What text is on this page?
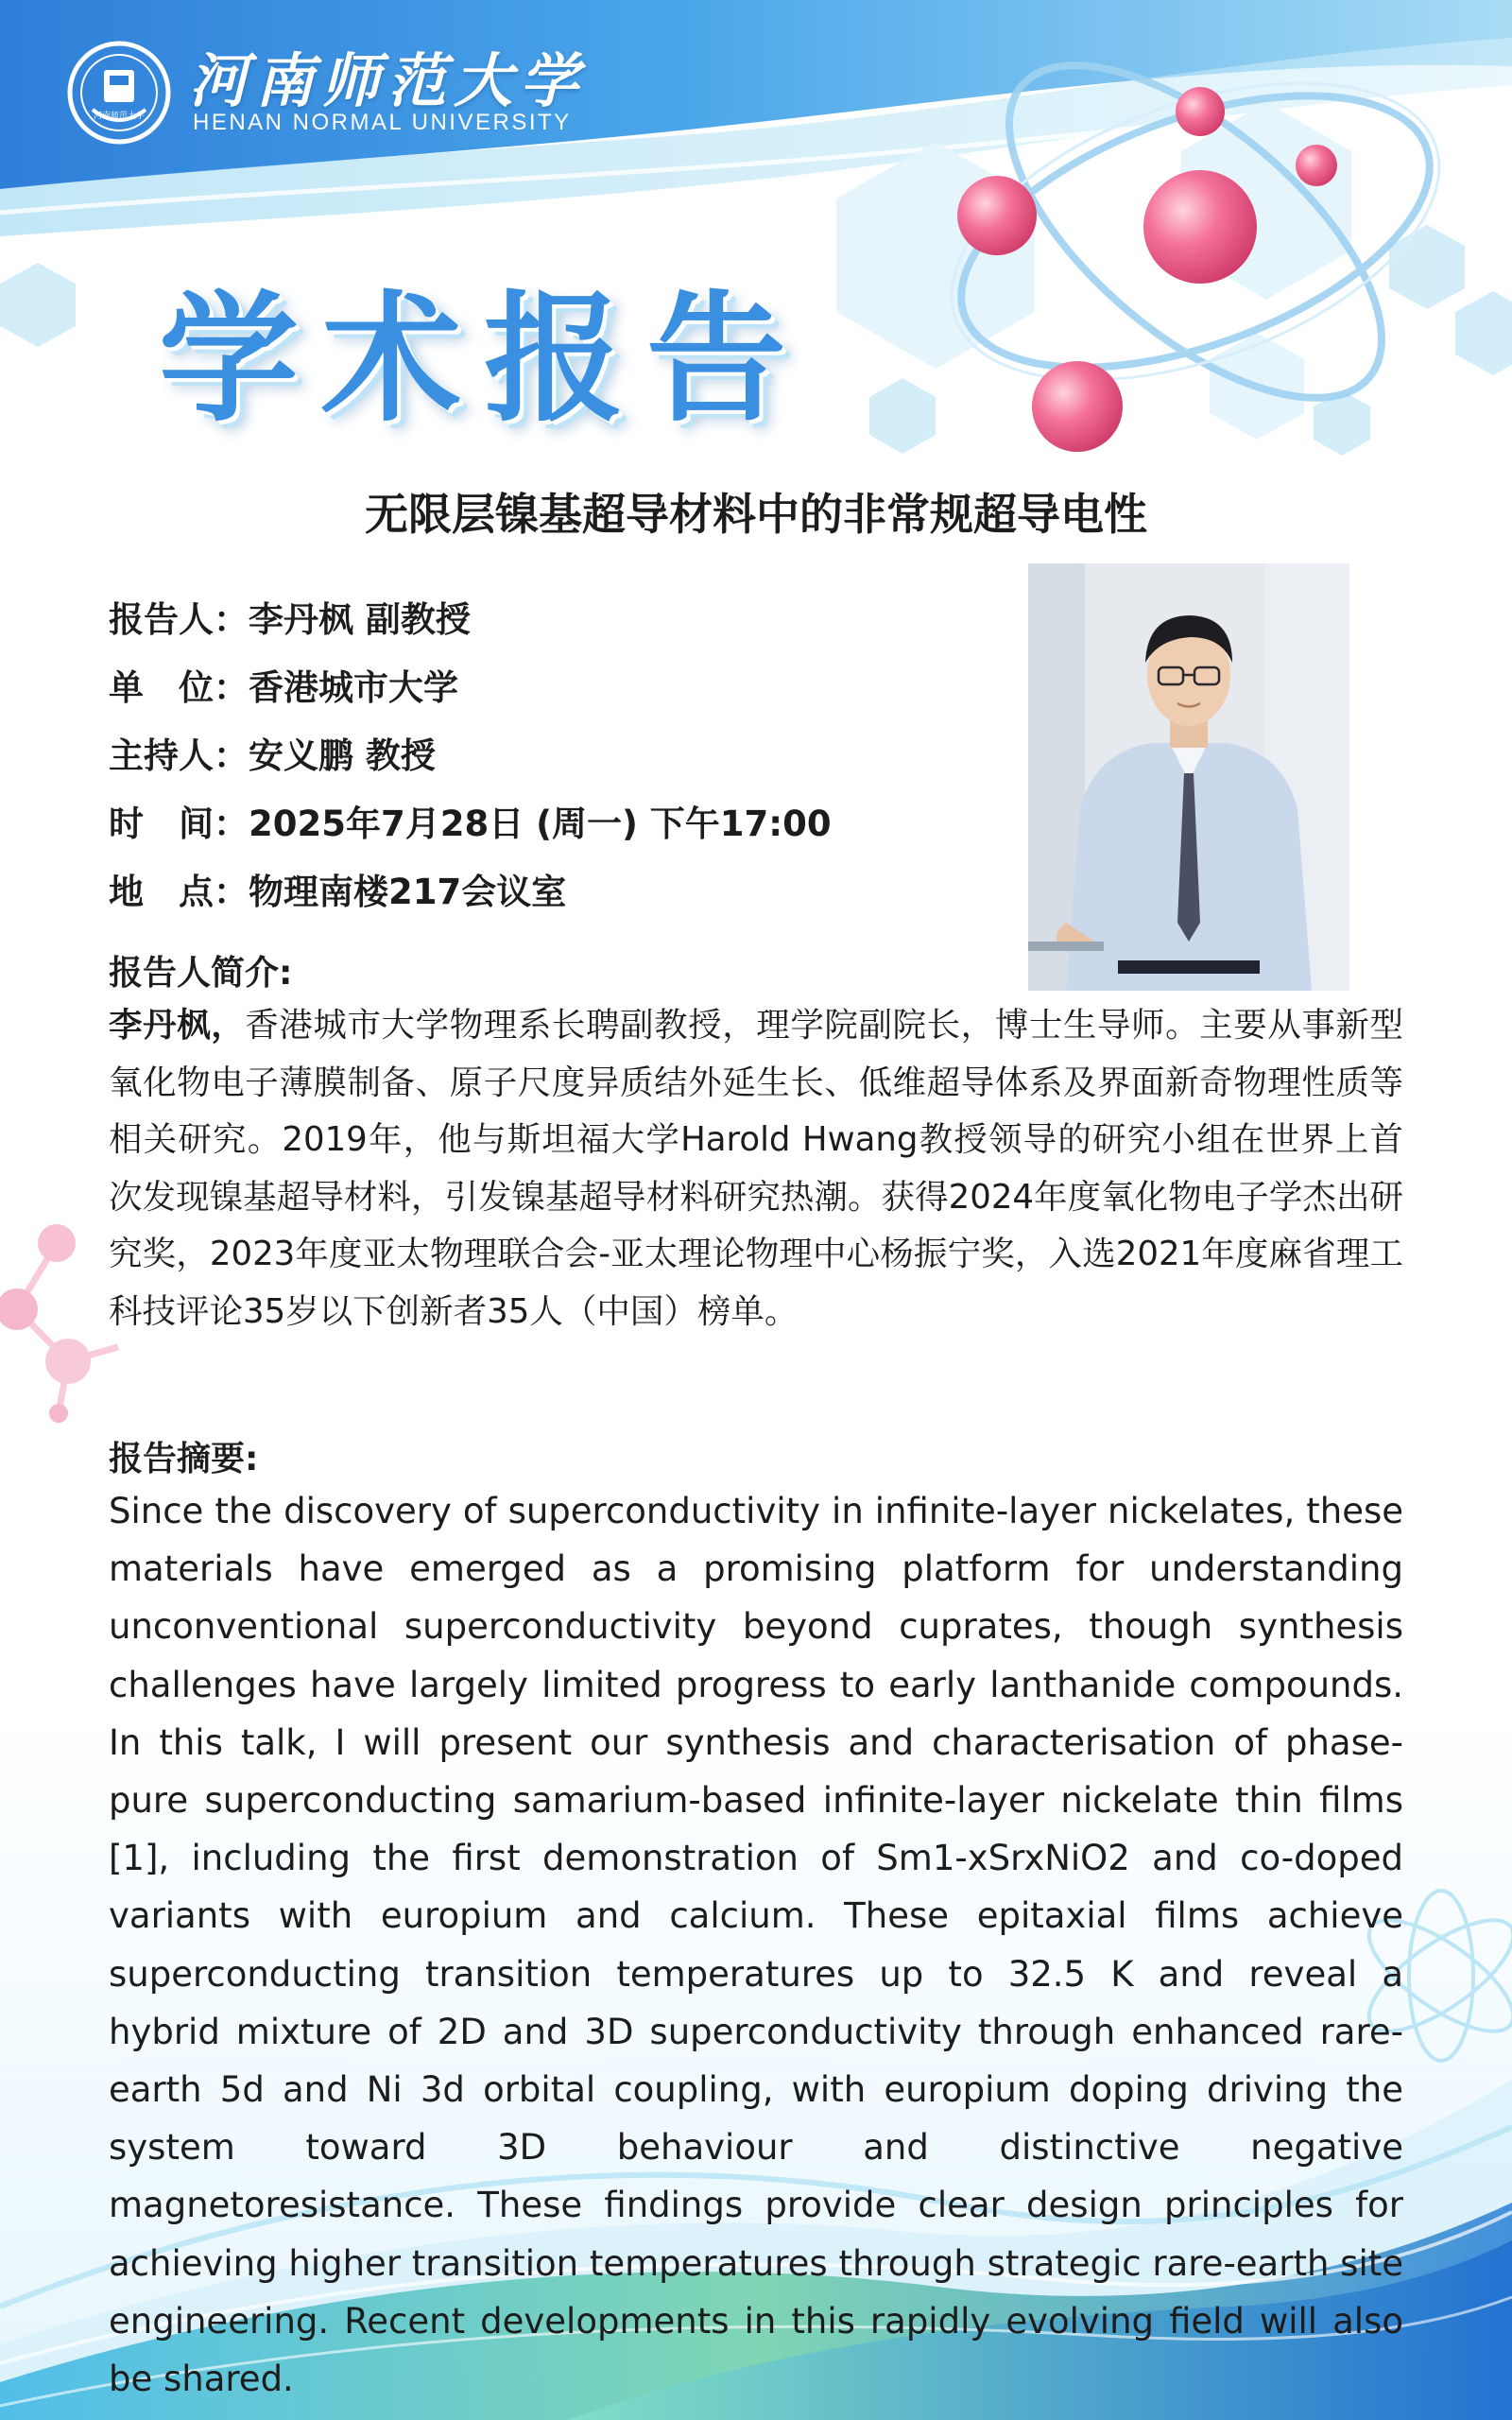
河南师范大学
河南师范大学
HENAN NORMAL UNIVERSITY
学术报告
无限层镍基超导材料中的非常规超导电性
报告人：李丹枫 副教授
单　位：香港城市大学
主持人：安义鹏 教授
时　间：2025年7月28日 (周一) 下午17:00
地　点：物理南楼217会议室
报告人简介:
李丹枫，香港城市大学物理系长聘副教授，理学院副院长，博士生导师。主要从事新型氧化物电子薄膜制备、原子尺度异质结外延生长、低维超导体系及界面新奇物理性质等相关研究。2019年，他与斯坦福大学Harold Hwang教授领导的研究小组在世界上首次发现镍基超导材料，引发镍基超导材料研究热潮。获得2024年度氧化物电子学杰出研究奖，2023年度亚太物理联合会-亚太理论物理中心杨振宁奖，入选2021年度麻省理工科技评论35岁以下创新者35人（中国）榜单。
报告摘要:
Since the discovery of superconductivity in infinite-layer nickelates, these materials have emerged as a promising platform for understanding unconventional superconductivity beyond cuprates, though synthesis challenges have largely limited progress to early lanthanide compounds. In this talk, I will present our synthesis and characterisation of phase-pure superconducting samarium-based infinite-layer nickelate thin films [1], including the first demonstration of Sm1-xSrxNiO2 and co-doped variants with europium and calcium. These epitaxial films achieve superconducting transition temperatures up to 32.5 K and reveal a hybrid mixture of 2D and 3D superconductivity through enhanced rare-earth 5d and Ni 3d orbital coupling, with europium doping driving the system toward 3D behaviour and distinctive negative magnetoresistance. These findings provide clear design principles for achieving higher transition temperatures through strategic rare-earth site engineering. Recent developments in this rapidly evolving field will also be shared.
